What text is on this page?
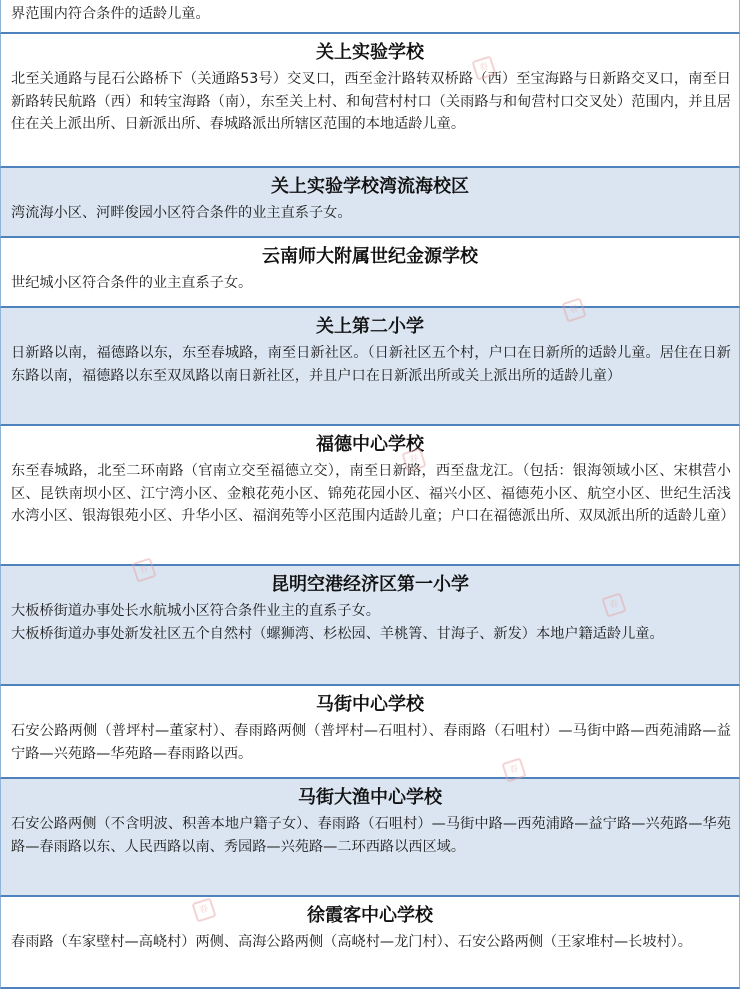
界范围内符合条件的适龄儿童。
关上实验学校

北至关通路与昆石公路桥下（关通路53号）交叉口，西至金汁路转双桥路（西）至宝海路与日新路交叉口，南至日新路转民航路（西）和转宝海路（南），东至关上村、和甸营村村口（关雨路与和甸营村口交叉处）范围内，并且居住在关上派出所、日新派出所、春城路派出所辖区范围的本地适龄儿童。

关上实验学校湾流海校区

湾流海小区、河畔俊园小区符合条件的业主直系子女。

云南师大附属世纪金源学校

世纪城小区符合条件的业主直系子女。

关上第二小学

日新路以南，福德路以东，东至春城路，南至日新社区。（日新社区五个村，户口在日新所的适龄儿童。居住在日新东路以南，福德路以东至双凤路以南日新社区，并且户口在日新派出所或关上派出所的适龄儿童）

福德中心学校

东至春城路，北至二环南路（官南立交至福德立交），南至日新路，西至盘龙江。（包括：银海领域小区、宋棋营小区、昆铁南坝小区、江宁湾小区、金粮花苑小区、锦苑花园小区、福兴小区、福德苑小区、航空小区、世纪生活浅水湾小区、银海银苑小区、升华小区、福润苑等小区范围内适龄儿童；户口在福德派出所、双凤派出所的适龄儿童）

昆明空港经济区第一小学

大板桥街道办事处长水航城小区符合条件业主的直系子女。

大板桥街道办事处新发社区五个自然村（螺狮湾、杉松园、羊桃箐、甘海子、新发）本地户籍适龄儿童。

马街中心学校

石安公路两侧（普坪村—董家村）、春雨路两侧（普坪村—石咀村）、春雨路（石咀村）—马街中路—西苑浦路—益宁路—兴苑路—华苑路—春雨路以西。

马街大渔中心学校

石安公路两侧（不含明波、积善本地户籍子女）、春雨路（石咀村）—马街中路—西苑浦路—益宁路—兴苑路—华苑路—春雨路以东、人民西路以南、秀园路—兴苑路—二环西路以西区域。

徐霞客中心学校

春雨路（车家壁村—高峣村）两侧、高海公路两侧（高峣村—龙门村）、石安公路两侧（王家堆村—长坡村）。

春
春
春
春
春
春
春
